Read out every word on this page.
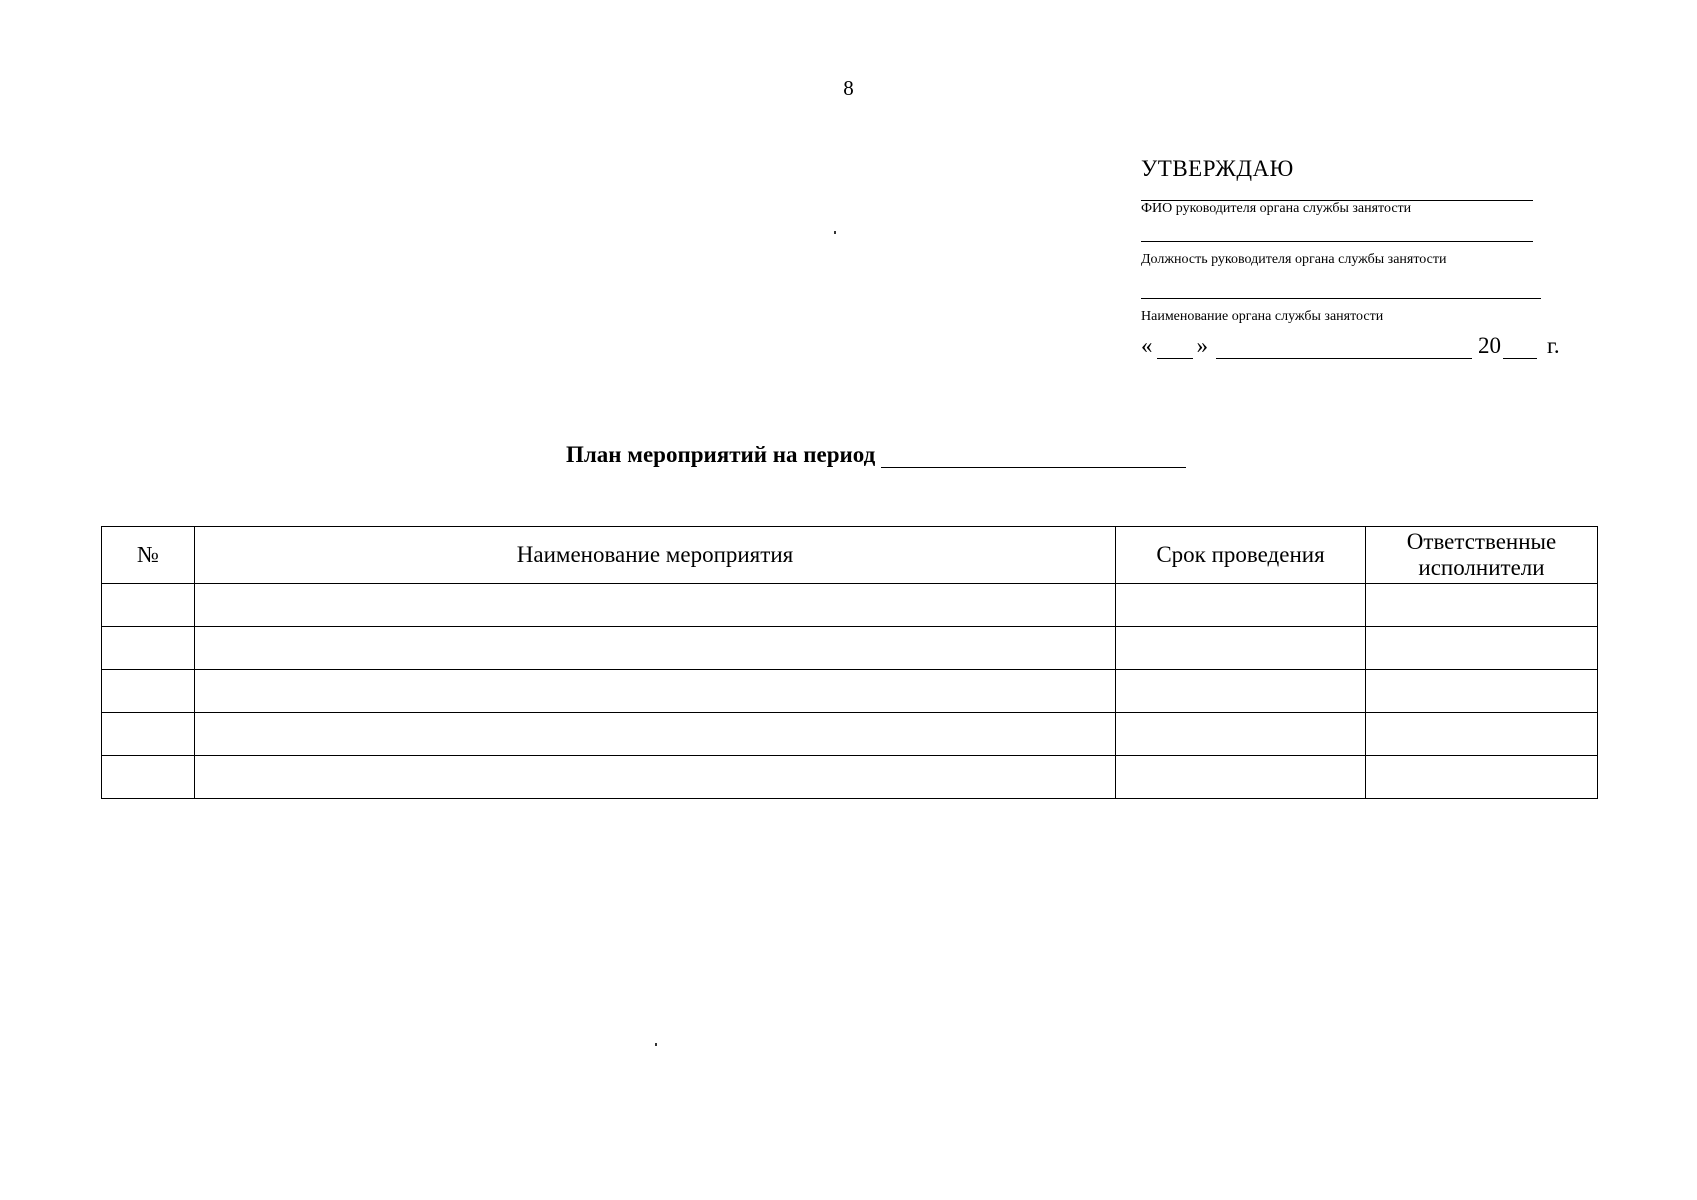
8
УТВЕРЖДАЮ
ФИО руководителя органа службы занятости
Должность руководителя органа службы занятости
Наименование органа службы занятости
« »	20 г.
План мероприятий на период
№	Наименование мероприятия	Срок проведения	Ответственные исполнители
